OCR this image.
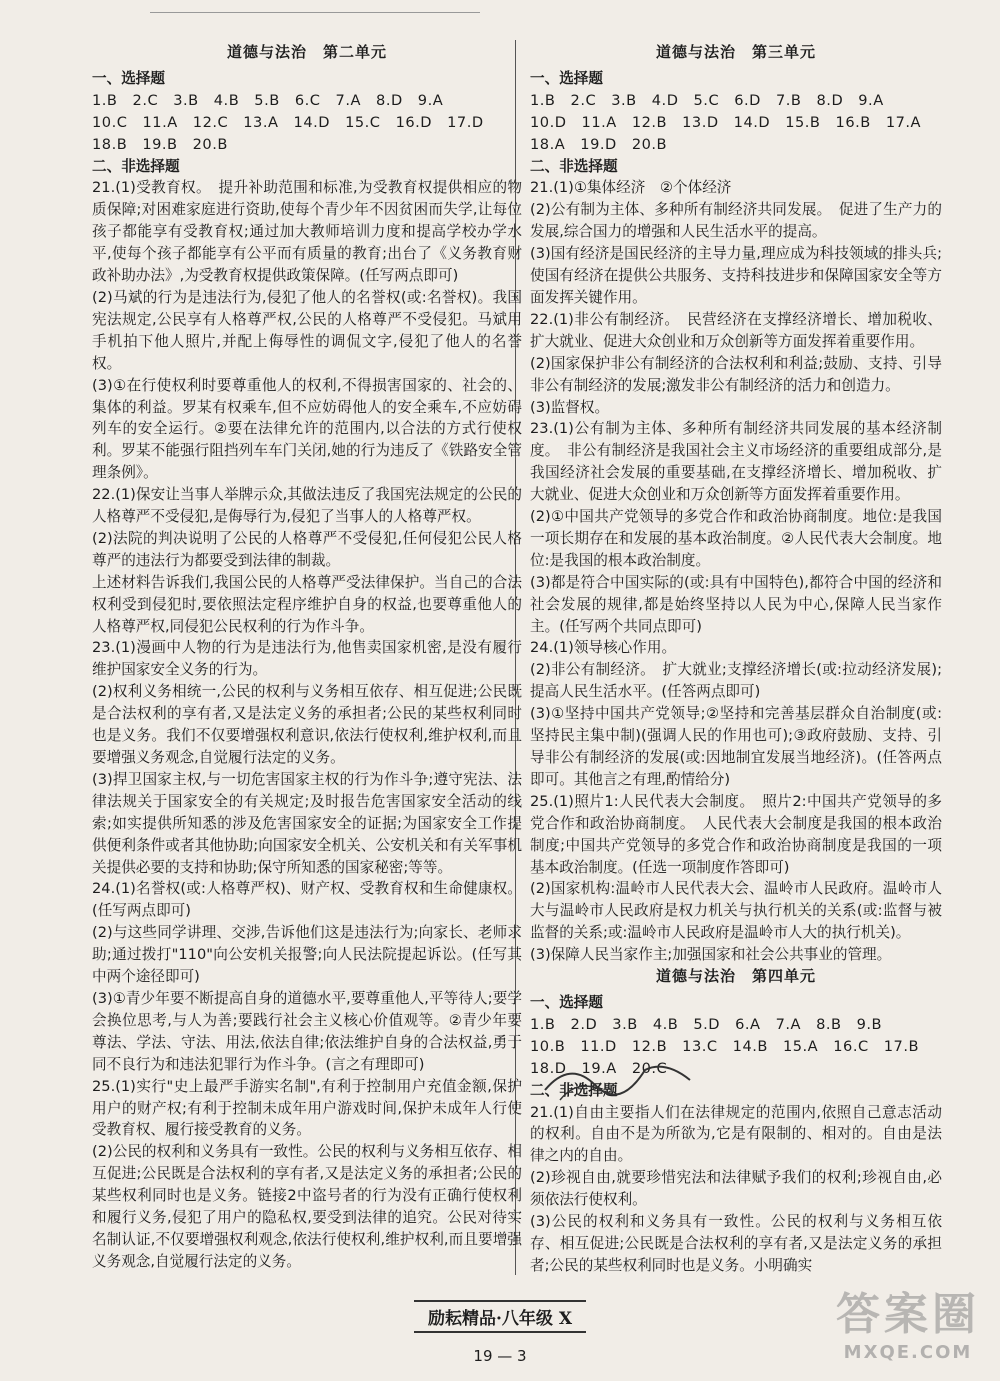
道德与法治　第二单元

一、选择题

1.B　2.C　3.B　4.B　5.B　6.C　7.A　8.D　9.A

10.C　11.A　12.C　13.A　14.D　15.C　16.D　17.D

18.B　19.B　20.B

二、非选择题

21.(1)受教育权。　提升补助范围和标准,为受教育权提供相应的物质保障;对困难家庭进行资助,使每个青少年不因贫困而失学,让每位孩子都能享有受教育权;通过加大教师培训力度和提高学校办学水平,使每个孩子都能享有公平而有质量的教育;出台了《义务教育财政补助办法》,为受教育权提供政策保障。(任写两点即可)

(2)马斌的行为是违法行为,侵犯了他人的名誉权(或:名誉权)。我国宪法规定,公民享有人格尊严权,公民的人格尊严不受侵犯。马斌用手机拍下他人照片,并配上侮辱性的调侃文字,侵犯了他人的名誉权。

(3)①在行使权利时要尊重他人的权利,不得损害国家的、社会的、集体的利益。罗某有权乘车,但不应妨碍他人的安全乘车,不应妨碍列车的安全运行。②要在法律允许的范围内,以合法的方式行使权利。罗某不能强行阻挡列车车门关闭,她的行为违反了《铁路安全管理条例》。

22.(1)保安让当事人举牌示众,其做法违反了我国宪法规定的公民的人格尊严不受侵犯,是侮辱行为,侵犯了当事人的人格尊严权。

(2)法院的判决说明了公民的人格尊严不受侵犯,任何侵犯公民人格尊严的违法行为都要受到法律的制裁。

上述材料告诉我们,我国公民的人格尊严受法律保护。当自己的合法权利受到侵犯时,要依照法定程序维护自身的权益,也要尊重他人的人格尊严权,同侵犯公民权利的行为作斗争。

23.(1)漫画中人物的行为是违法行为,他售卖国家机密,是没有履行维护国家安全义务的行为。

(2)权利义务相统一,公民的权利与义务相互依存、相互促进;公民既是合法权利的享有者,又是法定义务的承担者;公民的某些权利同时也是义务。我们不仅要增强权利意识,依法行使权利,维护权利,而且要增强义务观念,自觉履行法定的义务。

(3)捍卫国家主权,与一切危害国家主权的行为作斗争;遵守宪法、法律法规关于国家安全的有关规定;及时报告危害国家安全活动的线索;如实提供所知悉的涉及危害国家安全的证据;为国家安全工作提供便利条件或者其他协助;向国家安全机关、公安机关和有关军事机关提供必要的支持和协助;保守所知悉的国家秘密;等等。

24.(1)名誉权(或:人格尊严权)、财产权、受教育权和生命健康权。(任写两点即可)

(2)与这些同学讲理、交涉,告诉他们这是违法行为;向家长、老师求助;通过拨打"110"向公安机关报警;向人民法院提起诉讼。(任写其中两个途径即可)

(3)①青少年要不断提高自身的道德水平,要尊重他人,平等待人;要学会换位思考,与人为善;要践行社会主义核心价值观等。②青少年要尊法、学法、守法、用法,依法自律;依法维护自身的合法权益,勇于同不良行为和违法犯罪行为作斗争。(言之有理即可)

25.(1)实行"史上最严手游实名制",有利于控制用户充值金额,保护用户的财产权;有利于控制未成年用户游戏时间,保护未成年人行使受教育权、履行接受教育的义务。

(2)公民的权利和义务具有一致性。公民的权利与义务相互依存、相互促进;公民既是合法权利的享有者,又是法定义务的承担者;公民的某些权利同时也是义务。链接2中盗号者的行为没有正确行使权利和履行义务,侵犯了用户的隐私权,要受到法律的追究。公民对待实名制认证,不仅要增强权利观念,依法行使权利,维护权利,而且要增强义务观念,自觉履行法定的义务。

道德与法治　第三单元

一、选择题

1.B　2.C　3.B　4.D　5.C　6.D　7.B　8.D　9.A

10.D　11.A　12.B　13.D　14.D　15.B　16.B　17.A

18.A　19.D　20.B

二、非选择题

21.(1)①集体经济　②个体经济

(2)公有制为主体、多种所有制经济共同发展。　促进了生产力的发展,综合国力的增强和人民生活水平的提高。

(3)国有经济是国民经济的主导力量,理应成为科技领域的排头兵;使国有经济在提供公共服务、支持科技进步和保障国家安全等方面发挥关键作用。

22.(1)非公有制经济。　民营经济在支撑经济增长、增加税收、扩大就业、促进大众创业和万众创新等方面发挥着重要作用。

(2)国家保护非公有制经济的合法权利和利益;鼓励、支持、引导非公有制经济的发展;激发非公有制经济的活力和创造力。

(3)监督权。

23.(1)公有制为主体、多种所有制经济共同发展的基本经济制度。　非公有制经济是我国社会主义市场经济的重要组成部分,是我国经济社会发展的重要基础,在支撑经济增长、增加税收、扩大就业、促进大众创业和万众创新等方面发挥着重要作用。

(2)①中国共产党领导的多党合作和政治协商制度。地位:是我国一项长期存在和发展的基本政治制度。②人民代表大会制度。地位:是我国的根本政治制度。

(3)都是符合中国实际的(或:具有中国特色),都符合中国的经济和社会发展的规律,都是始终坚持以人民为中心,保障人民当家作主。(任写两个共同点即可)

24.(1)领导核心作用。

(2)非公有制经济。　扩大就业;支撑经济增长(或:拉动经济发展);提高人民生活水平。(任答两点即可)

(3)①坚持中国共产党领导;②坚持和完善基层群众自治制度(或:坚持民主集中制)(强调人民的作用也可);③政府鼓励、支持、引导非公有制经济的发展(或:因地制宜发展当地经济)。(任答两点即可。其他言之有理,酌情给分)

25.(1)照片1:人民代表大会制度。　照片2:中国共产党领导的多党合作和政治协商制度。　人民代表大会制度是我国的根本政治制度;中国共产党领导的多党合作和政治协商制度是我国的一项基本政治制度。(任选一项制度作答即可)

(2)国家机构:温岭市人民代表大会、温岭市人民政府。温岭市人大与温岭市人民政府是权力机关与执行机关的关系(或:监督与被监督的关系;或:温岭市人民政府是温岭市人大的执行机关)。

(3)保障人民当家作主;加强国家和社会公共事业的管理。

道德与法治　第四单元

一、选择题

1.B　2.D　3.B　4.B　5.D　6.A　7.A　8.B　9.B

10.B　11.D　12.B　13.C　14.B　15.A　16.C　17.B

18.D　19.A　20.C

二、非选择题

21.(1)自由主要指人们在法律规定的范围内,依照自己意志活动的权利。自由不是为所欲为,它是有限制的、相对的。自由是法律之内的自由。

(2)珍视自由,就要珍惜宪法和法律赋予我们的权利;珍视自由,必须依法行使权利。

(3)公民的权利和义务具有一致性。公民的权利与义务相互依存、相互促进;公民既是合法权利的享有者,又是法定义务的承担者;公民的某些权利同时也是义务。小明确实

励耘精品·八年级 X
19 — 3
答案圈
MXQE.COM
